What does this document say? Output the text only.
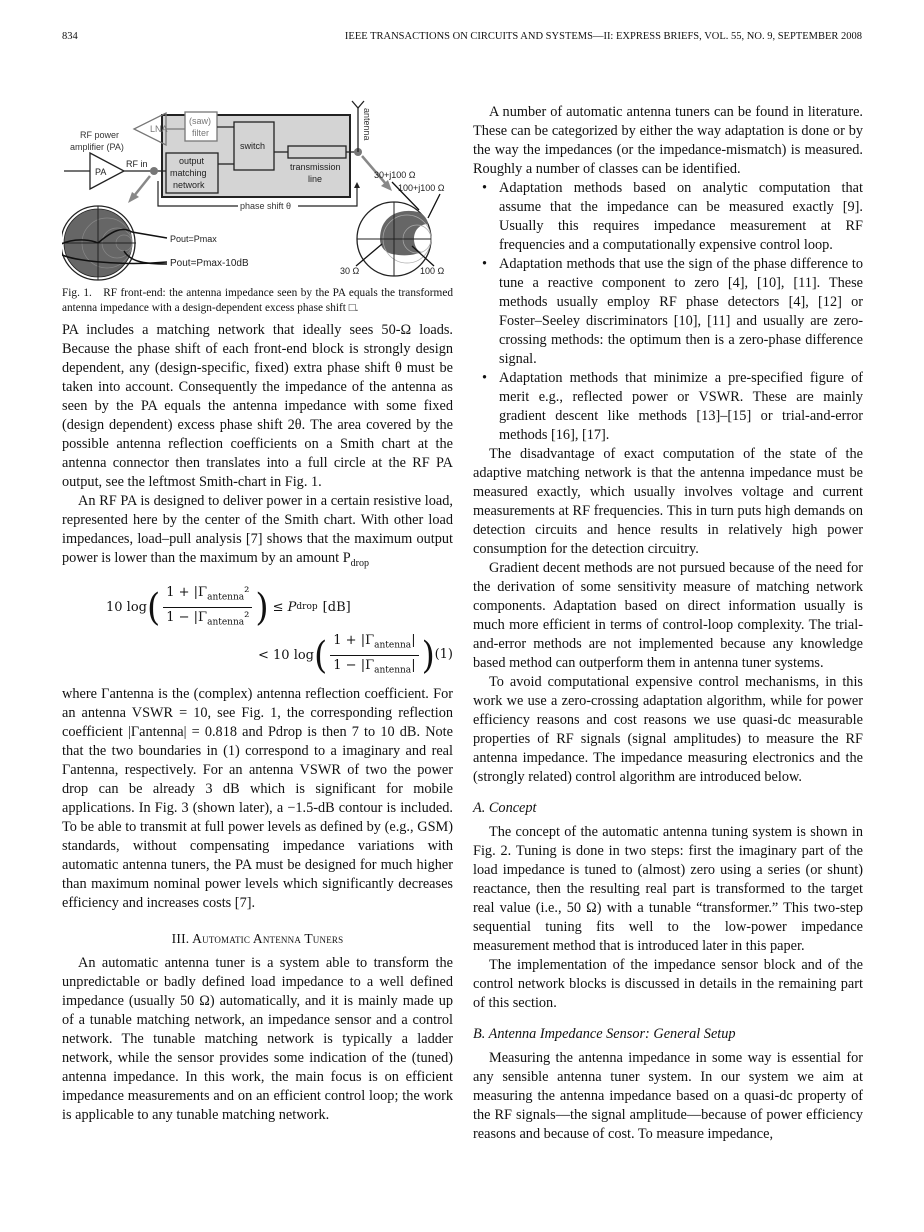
834	IEEE TRANSACTIONS ON CIRCUITS AND SYSTEMS—II: EXPRESS BRIEFS, VOL. 55, NO. 9, SEPTEMBER 2008
LNA
(saw)
filter
switch
output
matching
network
transmission
line
antenna
RF power
amplifier (PA)
PA
RF in
phase shift θ
Pout=Pmax
Pout=Pmax-10dB
30+j100 Ω
100+j100 Ω
30 Ω	100 Ω
Fig. 1. RF front-end: the antenna impedance seen by the PA equals the transformed antenna impedance with a design-dependent excess phase shift □.

PA includes a matching network that ideally sees 50-Ω loads. Because the phase shift of each front-end block is strongly design dependent, any (design-specific, fixed) extra phase shift θ must be taken into account. Consequently the impedance of the antenna as seen by the PA equals the antenna impedance with some fixed (design dependent) excess phase shift 2θ. The area covered by the possible antenna reflection coefficients on a Smith chart at the antenna connector then translates into a full circle at the RF PA output, see the leftmost Smith-chart in Fig. 1.

An RF PA is designed to deliver power in a certain resistive load, represented here by the center of the Smith chart. With other load impedances, load–pull analysis [7] shows that the maximum output power is lower than the maximum by an amount $P_{drop}$

10 log ( $\frac{1 + |\Gamma_{antenna}^2}{1 - |\Gamma_{antenna}^2}$ ) ≤ P drop [dB]
< 10 log ( $\frac{1 + |\Gamma_{antenna}|}{1 - |\Gamma_{antenna}|}$ ) (1)

where Γantenna is the (complex) antenna reflection coefficient. For an antenna VSWR = 10, see Fig. 1, the corresponding reflection coefficient |Γantenna| = 0.818 and Pdrop is then 7 to 10 dB. Note that the two boundaries in (1) correspond to a imaginary and real Γantenna, respectively. For an antenna VSWR of two the power drop can be already 3 dB which is significant for mobile applications. In Fig. 3 (shown later), a −1.5-dB contour is included. To be able to transmit at full power levels as defined by (e.g., GSM) standards, without compensating impedance variations with automatic antenna tuners, the PA must be designed for much higher than maximum nominal power levels which significantly decreases efficiency and increases costs [7].

III. Automatic Antenna Tuners

An automatic antenna tuner is a system able to transform the unpredictable or badly defined load impedance to a well defined impedance (usually 50 Ω) automatically, and it is mainly made up of a tunable matching network, an impedance sensor and a control network. The tunable matching network is typically a ladder network, while the sensor provides some indication of the (tuned) antenna impedance. In this work, the main focus is on efficient impedance measurements and on an efficient control loop; the work is applicable to any tunable matching network.

A number of automatic antenna tuners can be found in literature. These can be categorized by either the way adaptation is done or by the way the impedances (or the impedance-mismatch) is measured. Roughly a number of classes can be identified.

• Adaptation methods based on analytic computation that assume that the impedance can be measured exactly [9]. Usually this requires impedance measurement at RF frequencies and a computationally expensive control loop.
• Adaptation methods that use the sign of the phase difference to tune a reactive component to zero [4], [10], [11]. These methods usually employ RF phase detectors [4], [12] or Foster–Seeley discriminators [10], [11] and usually are zero-crossing methods: the optimum then is a zero-phase difference signal.
• Adaptation methods that minimize a pre-specified figure of merit e.g., reflected power or VSWR. These are mainly gradient descent like methods [13]–[15] or trial-and-error methods [16], [17].

The disadvantage of exact computation of the state of the adaptive matching network is that the antenna impedance must be measured exactly, which usually involves voltage and current measurements at RF frequencies. This in turn puts high demands on detection circuits and hence results in relatively high power consumption for the detection circuitry.

Gradient decent methods are not pursued because of the need for the derivation of some sensitivity measure of matching network components. Adaptation based on direct information usually is much more efficient in terms of control-loop complexity. The trial-and-error methods are not implemented because any knowledge based method can outperform them in antenna tuner systems.

To avoid computational expensive control mechanisms, in this work we use a zero-crossing adaptation algorithm, while for power efficiency reasons and cost reasons we use quasi-dc measurable properties of RF signals (signal amplitudes) to measure the RF antenna impedance. The impedance measuring electronics and the (strongly related) control algorithm are introduced below.

A. Concept

The concept of the automatic antenna tuning system is shown in Fig. 2. Tuning is done in two steps: first the imaginary part of the load impedance is tuned to (almost) zero using a series (or shunt) reactance, then the resulting real part is transformed to the target real value (i.e., 50 Ω) with a tunable “transformer.” This two-step sequential tuning fits well to the low-power impedance measurement method that is introduced later in this paper.

The implementation of the impedance sensor block and of the control network blocks is discussed in details in the remaining part of this section.

B. Antenna Impedance Sensor: General Setup

Measuring the antenna impedance in some way is essential for any sensible antenna tuner system. In our system we aim at measuring the antenna impedance based on a quasi-dc property of the RF signals—the signal amplitude—because of power efficiency reasons and because of cost. To measure impedance,
